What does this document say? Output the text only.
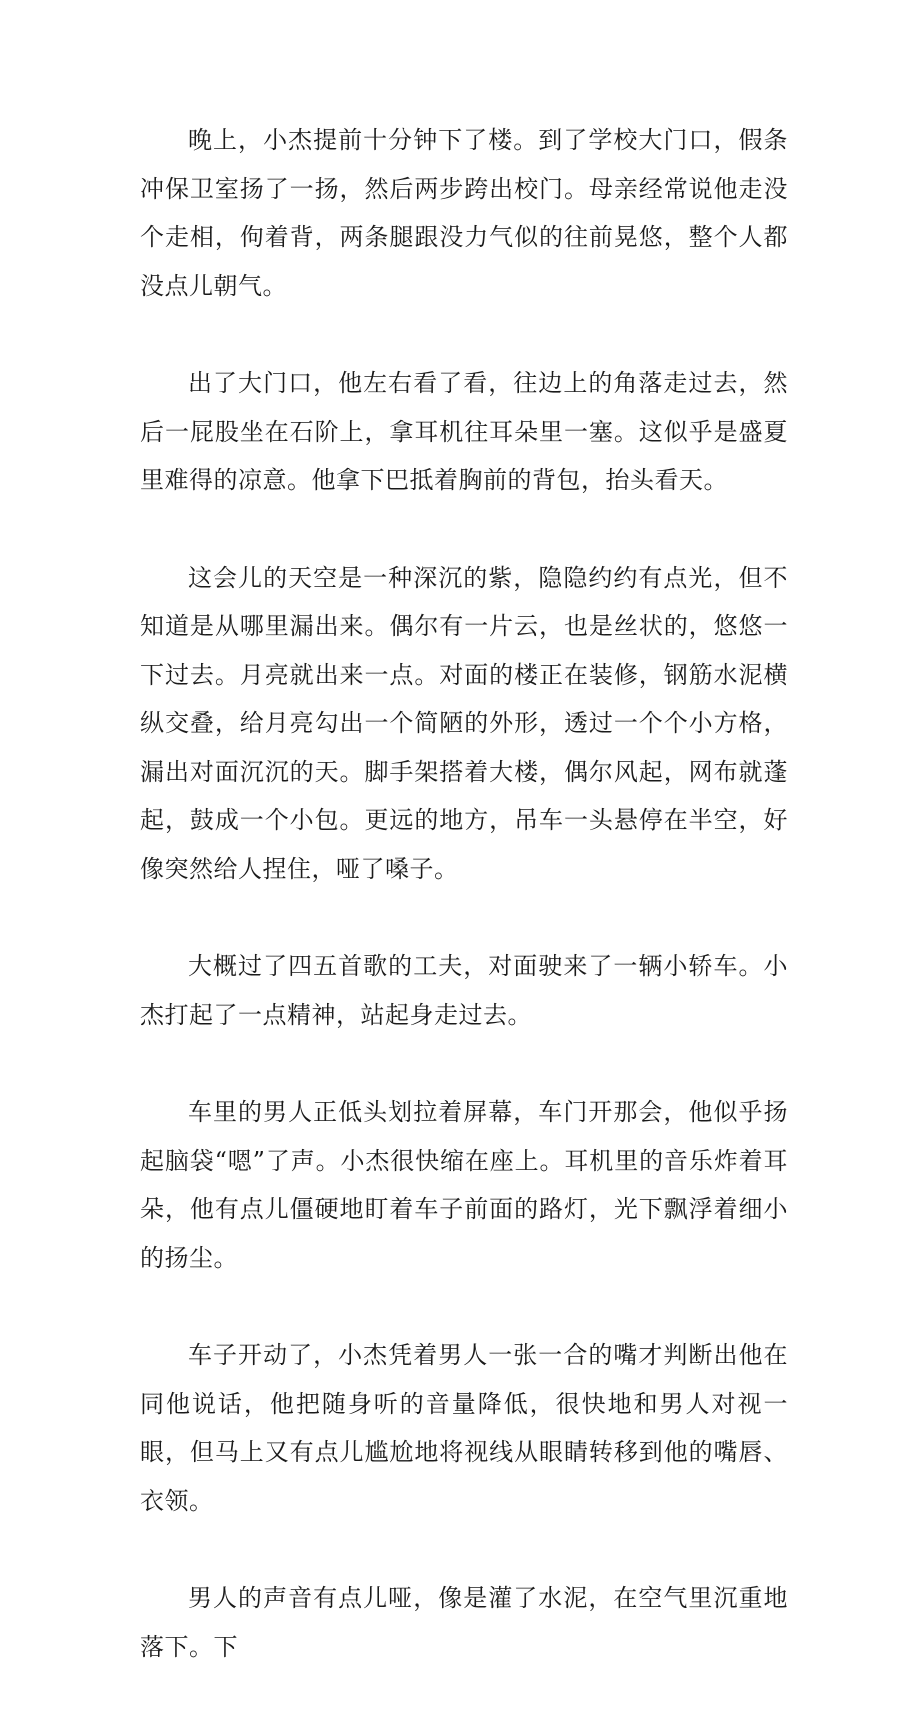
晚上，小杰提前十分钟下了楼。到了学校大门口，假条冲保卫室扬了一扬，然后两步跨出校门。母亲经常说他走没个走相，佝着背，两条腿跟没力气似的往前晃悠，整个人都没点儿朝气。

出了大门口，他左右看了看，往边上的角落走过去，然后一屁股坐在石阶上，拿耳机往耳朵里一塞。这似乎是盛夏里难得的凉意。他拿下巴抵着胸前的背包，抬头看天。

这会儿的天空是一种深沉的紫，隐隐约约有点光，但不知道是从哪里漏出来。偶尔有一片云，也是丝状的，悠悠一下过去。月亮就出来一点。对面的楼正在装修，钢筋水泥横纵交叠，给月亮勾出一个简陋的外形，透过一个个小方格，漏出对面沉沉的天。脚手架搭着大楼，偶尔风起，网布就蓬起，鼓成一个小包。更远的地方，吊车一头悬停在半空，好像突然给人捏住，哑了嗓子。

大概过了四五首歌的工夫，对面驶来了一辆小轿车。小杰打起了一点精神，站起身走过去。

车里的男人正低头划拉着屏幕，车门开那会，他似乎扬起脑袋“嗯”了声。小杰很快缩在座上。耳机里的音乐炸着耳朵，他有点儿僵硬地盯着车子前面的路灯，光下飘浮着细小的扬尘。

车子开动了，小杰凭着男人一张一合的嘴才判断出他在同他说话，他把随身听的音量降低，很快地和男人对视一眼，但马上又有点儿尴尬地将视线从眼睛转移到他的嘴唇、衣领。

男人的声音有点儿哑，像是灌了水泥，在空气里沉重地落下。下
